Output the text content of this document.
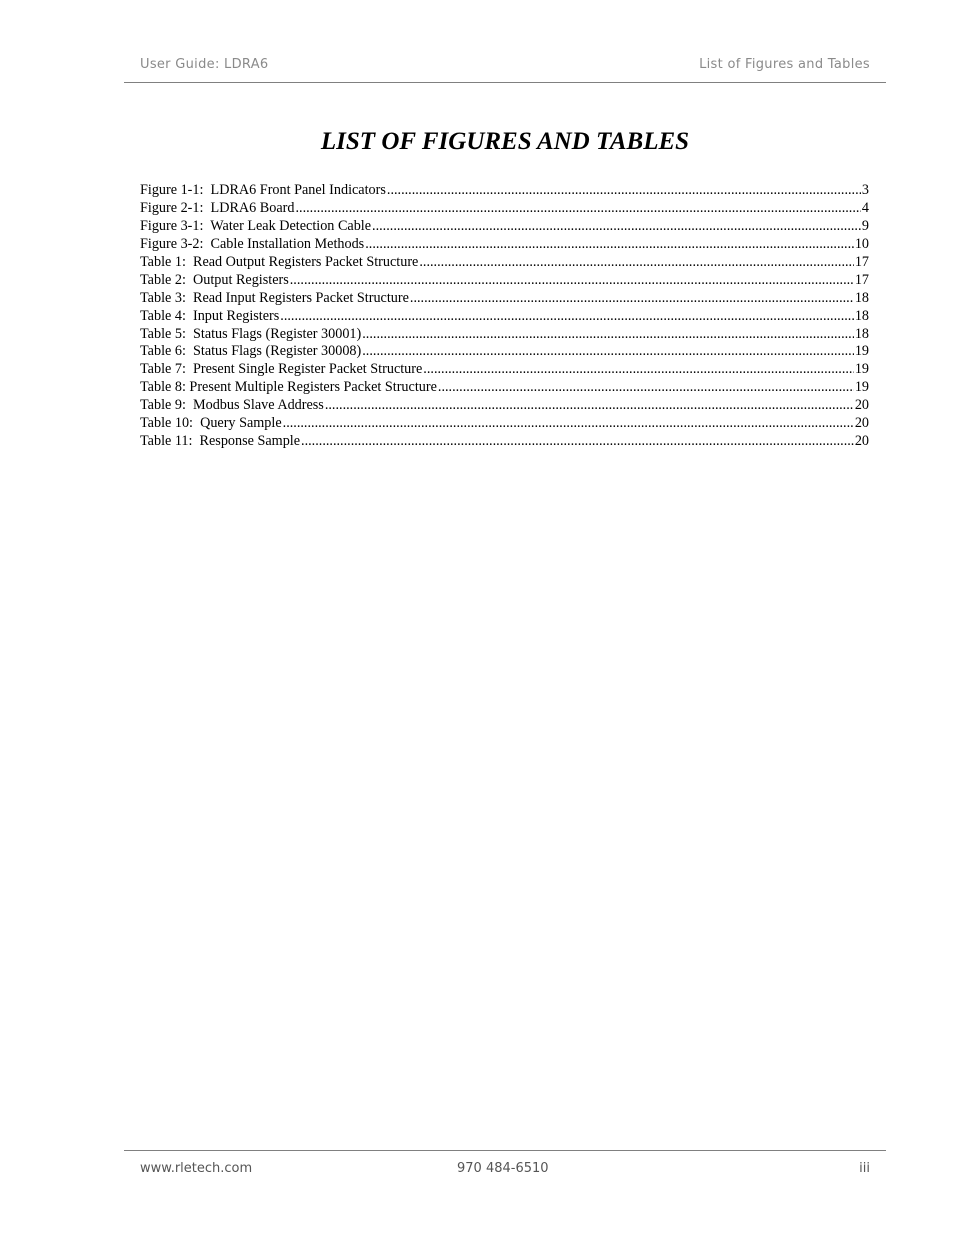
User Guide: LDRA6	List of Figures and Tables
LIST OF FIGURES AND TABLES
Figure 1-1:  LDRA6 Front Panel Indicators .....	3
Figure 2-1:  LDRA6 Board .....	4
Figure 3-1:  Water Leak Detection Cable .....	9
Figure 3-2:  Cable Installation Methods .....	10
Table 1:  Read Output Registers Packet Structure .....	17
Table 2:  Output Registers .....	17
Table 3:  Read Input Registers Packet Structure .....	18
Table 4:  Input Registers .....	18
Table 5:  Status Flags (Register 30001) .....	18
Table 6:  Status Flags (Register 30008) .....	19
Table 7:  Present Single Register Packet Structure .....	19
Table 8: Present Multiple Registers Packet Structure .....	19
Table 9:  Modbus Slave Address .....	20
Table 10:  Query Sample .....	20
Table 11:  Response Sample .....	20
www.rletech.com	970 484-6510	iii
